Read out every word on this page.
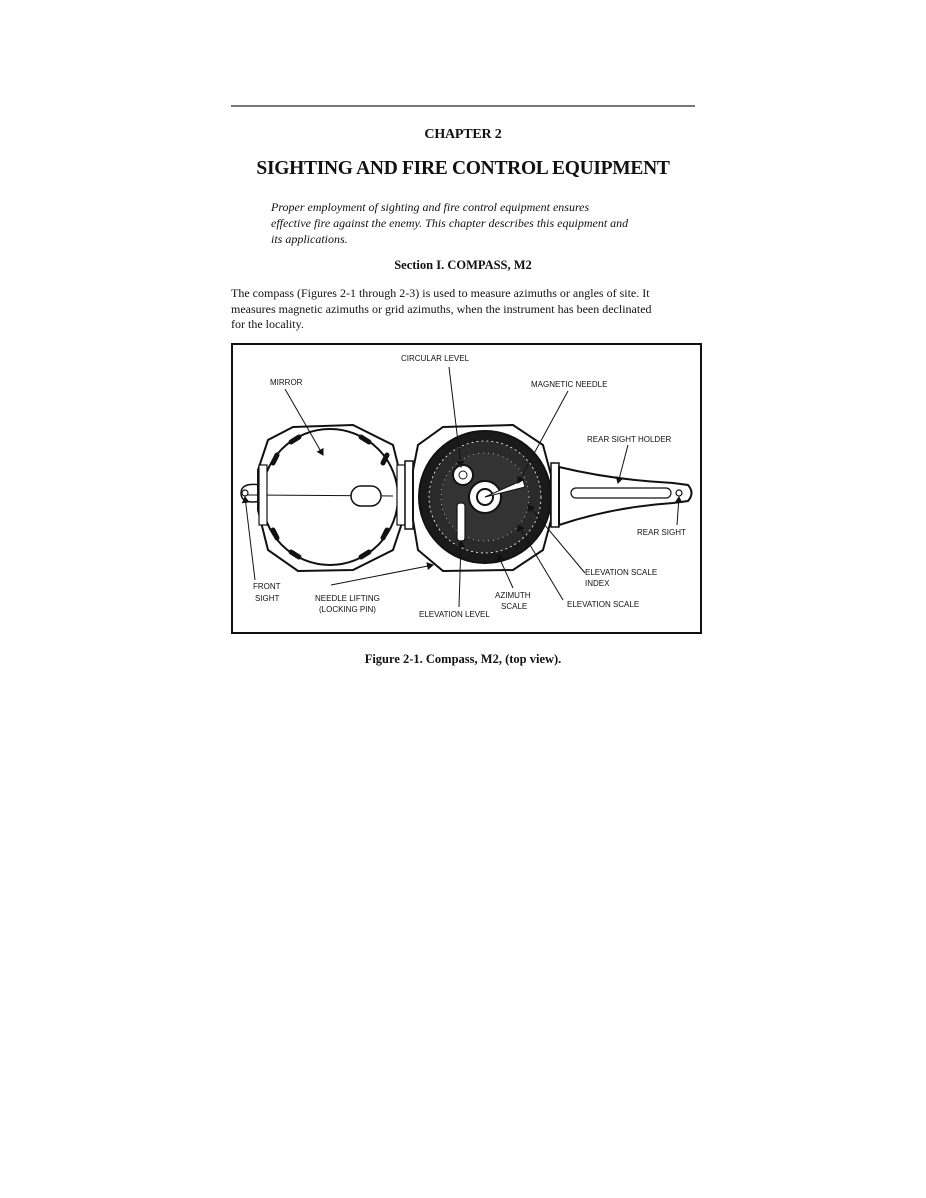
CHAPTER 2
SIGHTING AND FIRE CONTROL EQUIPMENT
Proper employment of sighting and fire control equipment ensures
effective fire against the enemy. This chapter describes this equipment and
its applications.
Section I. COMPASS, M2
The compass (Figures 2-1 through 2-3) is used to measure azimuths or angles of site. It
measures magnetic azimuths or grid azimuths, when the instrument has been declinated
for the locality.
CIRCULAR LEVEL
MIRROR	MAGNETIC NEEDLE
REAR SIGHT HOLDER
REAR SIGHT
FRONT
SIGHT	NEEDLE LIFTING
(LOCKING PIN)
ELEVATION LEVEL
AZIMUTH
SCALE	ELEVATION SCALE
ELEVATION SCALE
INDEX
Figure 2-1. Compass, M2, (top view).
